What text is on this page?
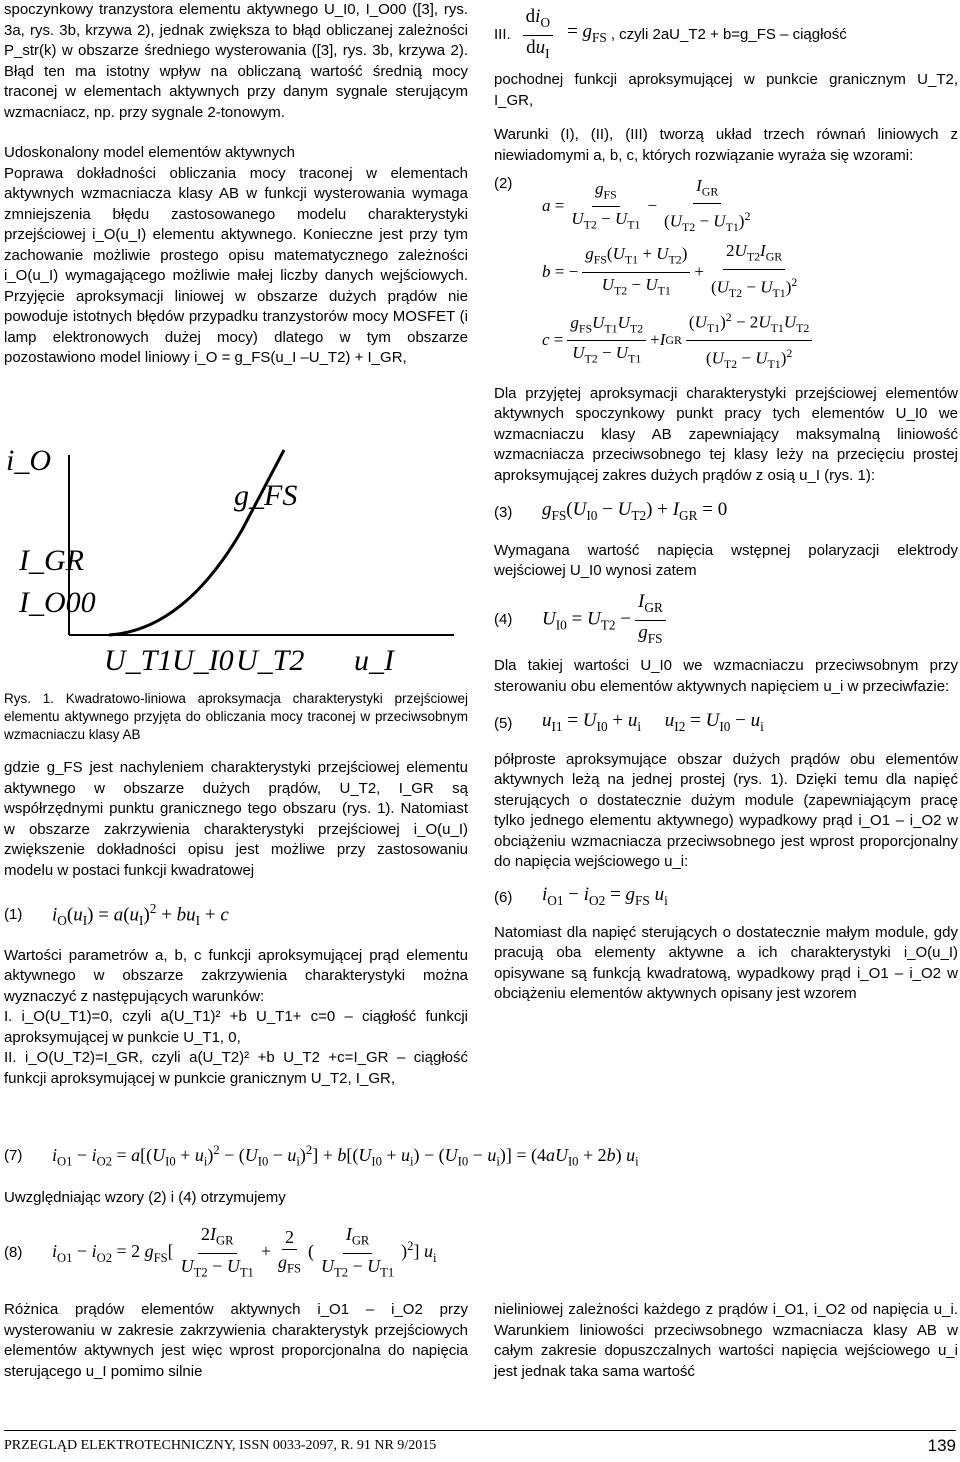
spoczynkowy tranzystora elementu aktywnego U_I0, I_O00 ([3], rys. 3a, rys. 3b, krzywa 2), jednak zwiększa to błąd obliczanej zależności P_str(k) w obszarze średniego wysterowania ([3], rys. 3b, krzywa 2). Błąd ten ma istotny wpływ na obliczaną wartość średnią mocy traconej w elementach aktywnych przy danym sygnale sterującym wzmacniacz, np. przy sygnale 2-tonowym.

Udoskonalony model elementów aktywnych

Poprawa dokładności obliczania mocy traconej w elementach aktywnych wzmacniacza klasy AB w funkcji wysterowania wymaga zmniejszenia błędu zastosowanego modelu charakterystyki przejściowej i_O(u_I) elementu aktywnego. Konieczne jest przy tym zachowanie możliwie prostego opisu matematycznego zależności i_O(u_I) wymagającego możliwie małej liczby danych wejściowych. Przyjęcie aproksymacji liniowej w obszarze dużych prądów nie powoduje istotnych błędów przypadku tranzystorów mocy MOSFET (i lamp elektronowych dużej mocy) dlatego w tym obszarze pozostawiono model liniowy i_O = g_FS(u_I –U_T2) + I_GR,

i_O
g_FS
I_GR
I_O00
U_T1 U_I0 U_T2 u_I

Rys. 1. Kwadratowo-liniowa aproksymacja charakterystyki przejściowej elementu aktywnego przyjęta do obliczania mocy traconej w przeciwsobnym wzmacniaczu klasy AB

gdzie g_FS jest nachyleniem charakterystyki przejściowej elementu aktywnego w obszarze dużych prądów, U_T2, I_GR są współrzędnymi punktu granicznego tego obszaru (rys. 1). Natomiast w obszarze zakrzywienia charakterystyki przejściowej i_O(u_I) zwiększenie dokładności opisu jest możliwe przy zastosowaniu modelu w postaci funkcji kwadratowej

(1)	$i_O(u_I) = a(u_I)^2 + bu_I + c$

Wartości parametrów a, b, c funkcji aproksymującej prąd elementu aktywnego w obszarze zakrzywienia charakterystyki można wyznaczyć z następujących warunków:

I. i_O(U_T1)=0, czyli a(U_T1)² +b U_T1+ c=0 – ciągłość funkcji aproksymującej w punkcie U_T1, 0,

II. i_O(U_T2)=I_GR, czyli a(U_T2)² +b U_T2 +c=I_GR – ciągłość funkcji aproksymującej w punkcie granicznym U_T2, I_GR,

III. $\frac{di_O}{du_I} = g_{FS}$ , czyli 2aU_T2 + b=g_FS – ciągłość

pochodnej funkcji aproksymującej w punkcie granicznym U_T2, I_GR,

Warunki (I), (II), (III) tworzą układ trzech równań liniowych z niewiadomymi a, b, c, których rozwiązanie wyraża się wzorami:

(2)
$a = \frac{g_{FS}}{U_{T2} - U_{T1}} - \frac{I_{GR}}{(U_{T2} - U_{T1})^2}$
b = − $\frac{g_{FS}(U_{T1} + U_{T2})}{U_{T2} - U_{T1}} + \frac{2U_{T2}I_{GR}}{(U_{T2} - U_{T1})^2}$
$c = \frac{g_{FS}U_{T1}U_{T2}}{U_{T2} - U_{T1}} + I$ GR $\frac{(U_{T1})^2 - 2U_{T1}U_{T2}}{(U_{T2} - U_{T1})^2}$

Dla przyjętej aproksymacji charakterystyki przejściowej elementów aktywnych spoczynkowy punkt pracy tych elementów U_I0 we wzmacniaczu klasy AB zapewniający maksymalną liniowość wzmacniacza przeciwsobnego tej klasy leży na przecięciu prostej aproksymującej zakres dużych prądów z osią u_I (rys. 1):

(3)	$g_{FS}(U_{I0} - U_{T2}) + I_{GR} = 0$

Wymagana wartość napięcia wstępnej polaryzacji elektrody wejściowej U_I0 wynosi zatem

(4)	$U_{I0} = U_{T2} - \frac{I_{GR}}{g_{FS}}$

Dla takiej wartości U_I0 we wzmacniaczu przeciwsobnym przy sterowaniu obu elementów aktywnych napięciem u_i w przeciwfazie:

(5)	$u_{I1} = U_{I0} + u_i$ $u_{I2} = U_{I0} - u_i$

półproste aproksymujące obszar dużych prądów obu elementów aktywnych leżą na jednej prostej (rys. 1). Dzięki temu dla napięć sterujących o dostatecznie dużym module (zapewniającym pracę tylko jednego elementu aktywnego) wypadkowy prąd i_O1 – i_O2 w obciążeniu wzmacniacza przeciwsobnego jest wprost proporcjonalny do napięcia wejściowego u_i:

(6)	$i_{O1} - i_{O2} = g_{FS}$ $u_i$

Natomiast dla napięć sterujących o dostatecznie małym module, gdy pracują oba elementy aktywne a ich charakterystyki i_O(u_I) opisywane są funkcją kwadratową, wypadkowy prąd i_O1 – i_O2 w obciążeniu elementów aktywnych opisany jest wzorem

(7)	$i_{O1} - i_{O2} = a[(U_{I0} + u_i)^2 - (U_{I0} - u_i)^2] + b[(U_{I0} + u_i) - (U_{I0} - u_i)] = (4aU_{I0} + 2b)$ $u_i$

Uwzględniając wzory (2) i (4) otrzymujemy

(8)	$i_{O1} - i_{O2} = 2$ $g_{FS}[ \frac{2I_{GR}}{U_{T2} - U_{T1}} + \frac{2}{g_{FS}}$ ( $\frac{I_{GR}}{U_{T2} - U_{T1}} )^2$] $u_i$

Różnica prądów elementów aktywnych i_O1 – i_O2 przy wysterowaniu w zakresie zakrzywienia charakterystyk przejściowych elementów aktywnych jest więc wprost proporcjonalna do napięcia sterującego u_I pomimo silnie

nieliniowej zależności każdego z prądów i_O1, i_O2 od napięcia u_i. Warunkiem liniowości przeciwsobnego wzmacniacza klasy AB w całym zakresie dopuszczalnych wartości napięcia wejściowego u_i jest jednak taka sama wartość

PRZEGLĄD ELEKTROTECHNICZNY, ISSN 0033-2097, R. 91 NR 9/2015	139
